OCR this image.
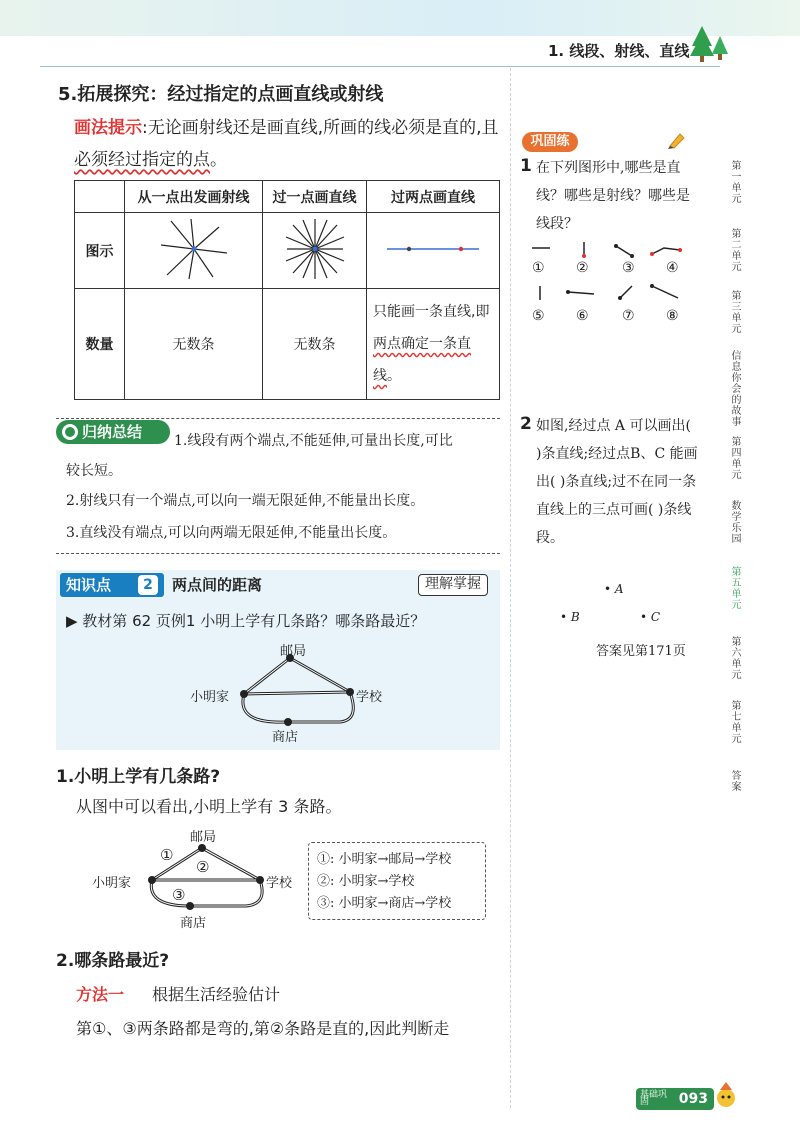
1. 线段、射线、直线
5.拓展探究：经过指定的点画直线或射线
画法提示:无论画射线还是画直线,所画的线必须是直的,且必须经过指定的点。
	从一点出发画射线	过一点画直线	过两点画直线
图示			
数量	无数条	无数条	只能画一条直线,即两点确定一条直线。
归纳总结	1.线段有两个端点,不能延伸,可量出长度,可比
较长短。
2.射线只有一个端点,可以向一端无限延伸,不能量出长度。
3.直线没有端点,可以向两端无限延伸,不能量出长度。
知识点	2	两点间的距离	理解掌握
▶ 教材第 62 页例1 小明上学有几条路？哪条路最近？
邮局
小明家	学校
商店
1.小明上学有几条路?
从图中可以看出,小明上学有 3 条路。
邮局
小明家	学校
商店
①
②
③
①: 小明家→邮局→学校
②: 小明家→学校
③: 小明家→商店→学校
2.哪条路最近?
方法一 根据生活经验估计
第①、③两条路都是弯的,第②条路是直的,因此判断走
巩固练
1 在下列图形中,哪些是直线？哪些是射线？哪些是线段？
① ② ③ ④
⑤ ⑥ ⑦ ⑧
2 如图,经过点 A 可以画出( )条直线;经过点B、C 能画出( )条直线;过不在同一条直线上的三点可画( )条线段。
• A
• B	• C
答案见第171页
第一单元
第二单元
第三单元
信息你会的故事
第四单元
数学乐园
第五单元
第六单元
第七单元
答案
093
基础巩固
